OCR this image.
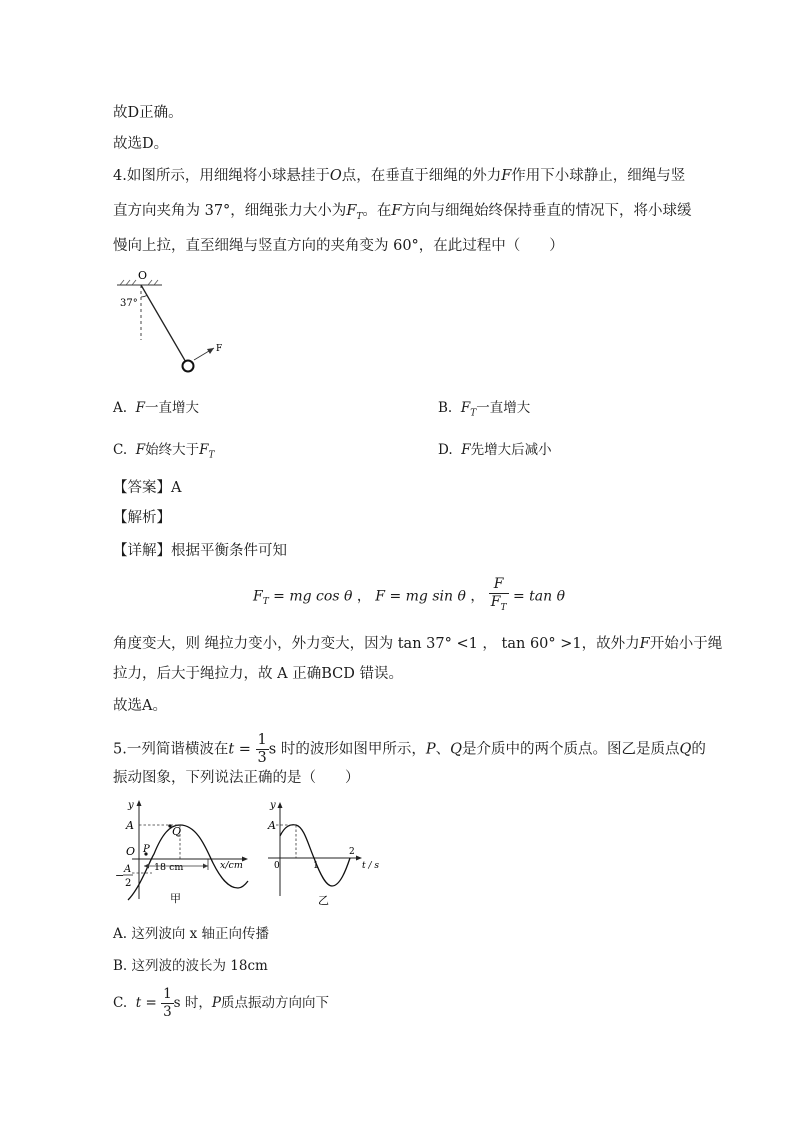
故D正确。
故选D。
4.如图所示，用细绳将小球悬挂于O点，在垂直于细绳的外力F作用下小球静止，细绳与竖
直方向夹角为 37°，细绳张力大小为$F_T$。在F方向与细绳始终保持垂直的情况下，将小球缓
慢向上拉，直至细绳与竖直方向的夹角变为 60°，在此过程中（　　）
O
37°
F
A. F一直增大	B. $F_T$一直增大
C. F始终大于$F_T$	D. F先增大后减小
【答案】A
【解析】
【详解】根据平衡条件可知
$F_T$ = mg cos θ ， F = mg sin θ ， $\frac{F}{F_T} = \tan \theta$
角度变大，则 绳拉力变小，外力变大，因为 tan 37° <1 ， tan 60° >1，故外力F开始小于绳
拉力，后大于绳拉力，故 A 正确BCD 错误。
故选A。
5.一列简谐横波在$t = \frac{1}{3}$ s 时的波形如图甲所示，P、Q是介质中的两个质点。图乙是质点Q的
振动图象，下列说法正确的是（　　）
y
A	Q
O P
− A
2
18 cm	x/cm
甲
y
A
0	1
2
t / s
乙
A. 这列波向 x 轴正向传播
B. 这列波的波长为 18cm
C. $t = \frac{1}{3}$ s 时，P质点振动方向向下
